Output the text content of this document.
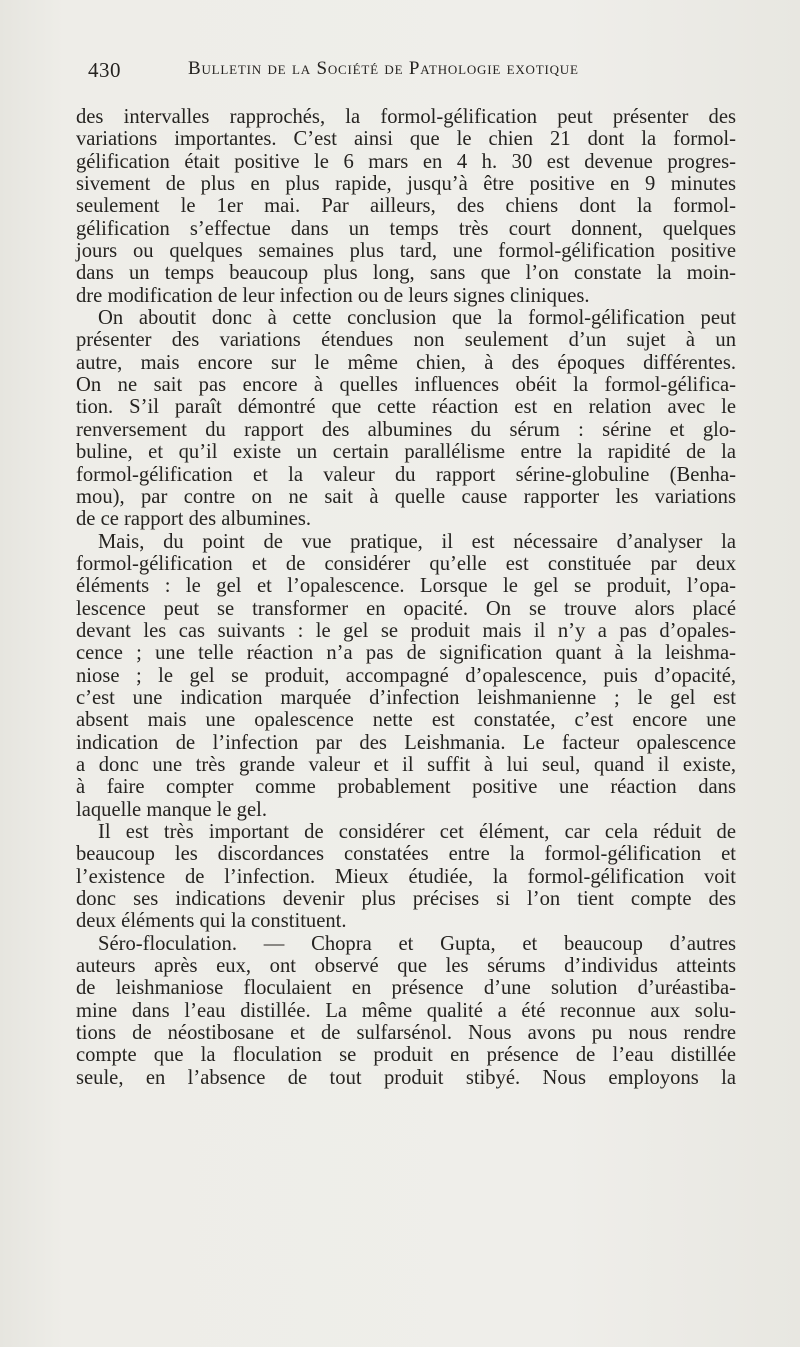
430	Bulletin de la Société de Pathologie exotique
des intervalles rapprochés, la formol-gélification peut présenter des
variations importantes. C’est ainsi que le chien 21 dont la formol-
gélification était positive le 6 mars en 4 h. 30 est devenue progres-
sivement de plus en plus rapide, jusqu’à être positive en 9 minutes
seulement le 1er mai. Par ailleurs, des chiens dont la formol-
gélification s’effectue dans un temps très court donnent, quelques
jours ou quelques semaines plus tard, une formol-gélification positive
dans un temps beaucoup plus long, sans que l’on constate la moin-
dre modification de leur infection ou de leurs signes cliniques.
On aboutit donc à cette conclusion que la formol-gélification peut
présenter des variations étendues non seulement d’un sujet à un
autre, mais encore sur le même chien, à des époques différentes.
On ne sait pas encore à quelles influences obéit la formol-gélifica-
tion. S’il paraît démontré que cette réaction est en relation avec le
renversement du rapport des albumines du sérum : sérine et glo-
buline, et qu’il existe un certain parallélisme entre la rapidité de la
formol-gélification et la valeur du rapport sérine-globuline (Benha-
mou), par contre on ne sait à quelle cause rapporter les variations
de ce rapport des albumines.
Mais, du point de vue pratique, il est nécessaire d’analyser la
formol-gélification et de considérer qu’elle est constituée par deux
éléments : le gel et l’opalescence. Lorsque le gel se produit, l’opa-
lescence peut se transformer en opacité. On se trouve alors placé
devant les cas suivants : le gel se produit mais il n’y a pas d’opales-
cence ; une telle réaction n’a pas de signification quant à la leishma-
niose ; le gel se produit, accompagné d’opalescence, puis d’opacité,
c’est une indication marquée d’infection leishmanienne ; le gel est
absent mais une opalescence nette est constatée, c’est encore une
indication de l’infection par des Leishmania. Le facteur opalescence
a donc une très grande valeur et il suffit à lui seul, quand il existe,
à faire compter comme probablement positive une réaction dans
laquelle manque le gel.
Il est très important de considérer cet élément, car cela réduit de
beaucoup les discordances constatées entre la formol-gélification et
l’existence de l’infection. Mieux étudiée, la formol-gélification voit
donc ses indications devenir plus précises si l’on tient compte des
deux éléments qui la constituent.
Séro-floculation. — Chopra et Gupta, et beaucoup d’autres
auteurs après eux, ont observé que les sérums d’individus atteints
de leishmaniose floculaient en présence d’une solution d’uréastiba-
mine dans l’eau distillée. La même qualité a été reconnue aux solu-
tions de néostibosane et de sulfarsénol. Nous avons pu nous rendre
compte que la floculation se produit en présence de l’eau distillée
seule, en l’absence de tout produit stibyé. Nous employons la
